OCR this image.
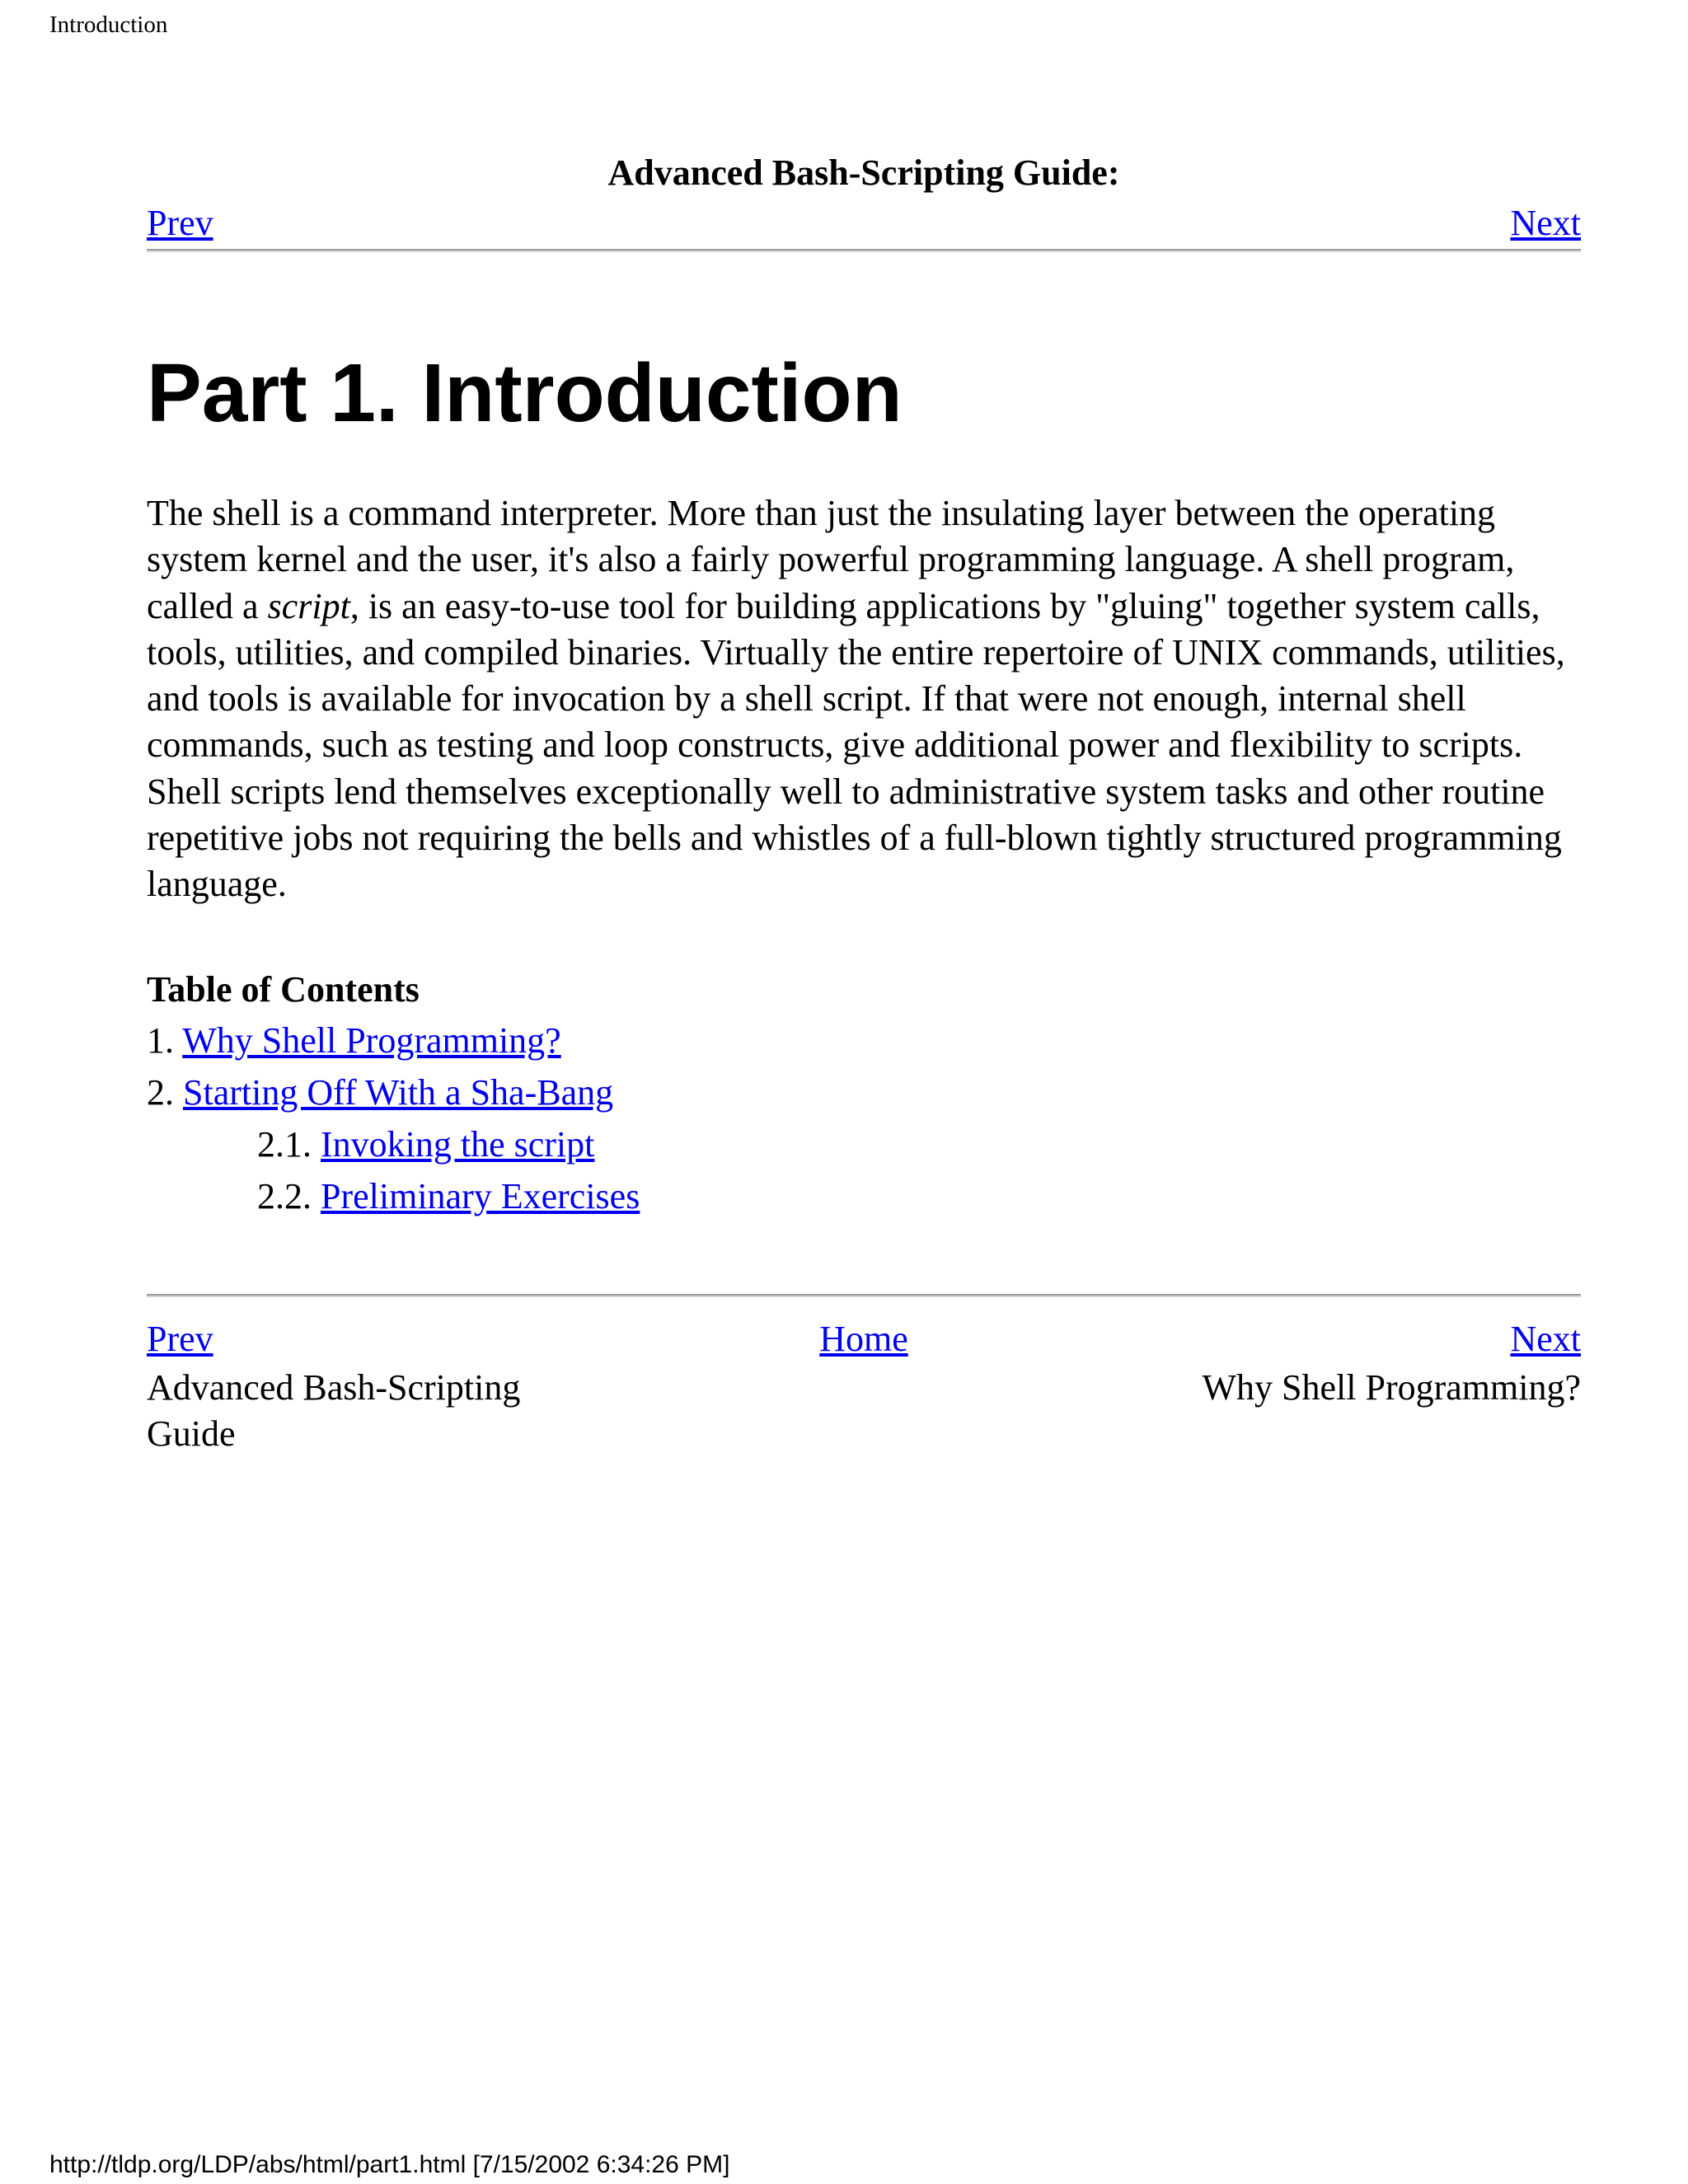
Introduction
Advanced Bash-Scripting Guide:
Prev	Next
Part 1. Introduction

The shell is a command interpreter. More than just the insulating layer between the operating system kernel and the user, it's also a fairly powerful programming language. A shell program, called a script, is an easy-to-use tool for building applications by "gluing" together system calls, tools, utilities, and compiled binaries. Virtually the entire repertoire of UNIX commands, utilities, and tools is available for invocation by a shell script. If that were not enough, internal shell commands, such as testing and loop constructs, give additional power and flexibility to scripts. Shell scripts lend themselves exceptionally well to administrative system tasks and other routine repetitive jobs not requiring the bells and whistles of a full-blown tightly structured programming language.

Table of Contents
1. Why Shell Programming?
2. Starting Off With a Sha-Bang
2.1. Invoking the script
2.2. Preliminary Exercises
Home
Prev
Advanced Bash-Scripting Guide
Next
Why Shell Programming?
http://tldp.org/LDP/abs/html/part1.html [7/15/2002 6:34:26 PM]
